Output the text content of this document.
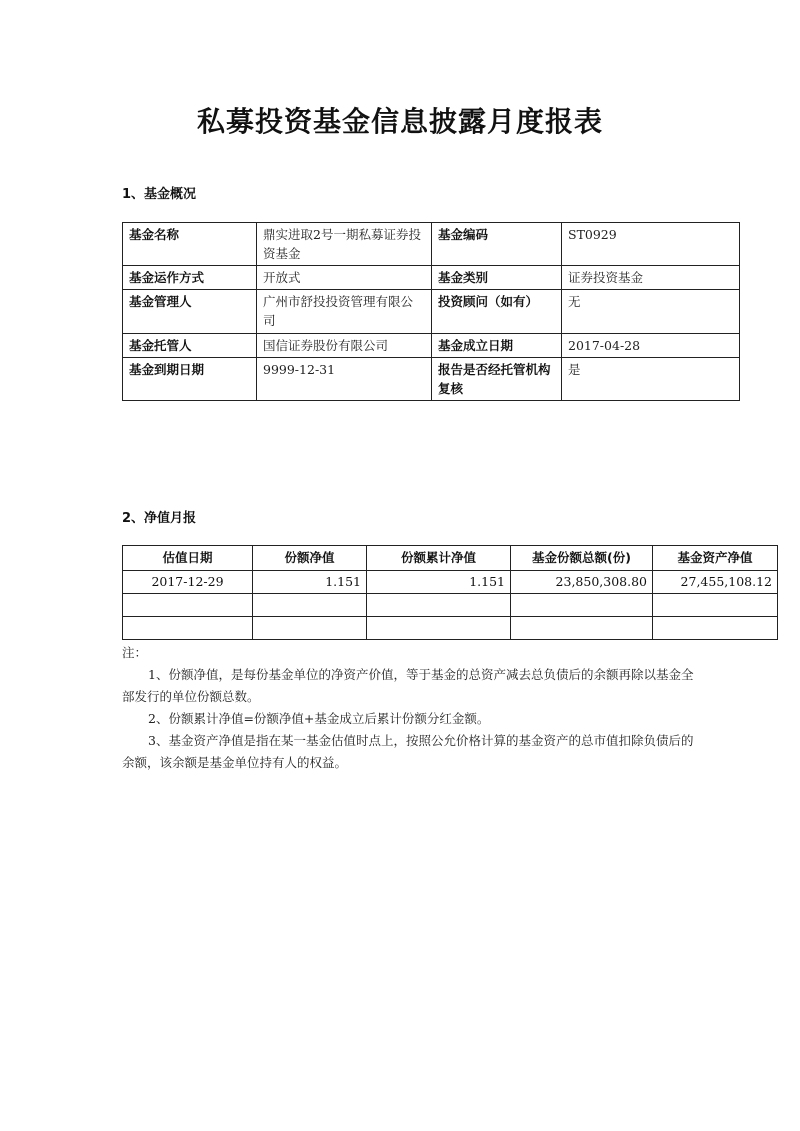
私募投资基金信息披露月度报表
1、基金概况
基金名称	鼎实进取2号一期私募证券投资基金	基金编码	ST0929
基金运作方式	开放式	基金类别	证券投资基金
基金管理人	广州市舒投投资管理有限公司	投资顾问（如有）	无
基金托管人	国信证券股份有限公司	基金成立日期	2017-04-28
基金到期日期	9999-12-31	报告是否经托管机构复核	是
2、净值月报
估值日期	份额净值	份额累计净值	基金份额总额(份)	基金资产净值
2017-12-29	1.151	1.151	23,850,308.80	27,455,108.12

注：

1、份额净值，是每份基金单位的净资产价值，等于基金的总资产减去总负债后的余额再除以基金全部发行的单位份额总数。

2、份额累计净值=份额净值+基金成立后累计份额分红金额。

3、基金资产净值是指在某一基金估值时点上，按照公允价格计算的基金资产的总市值扣除负债后的余额，该余额是基金单位持有人的权益。
